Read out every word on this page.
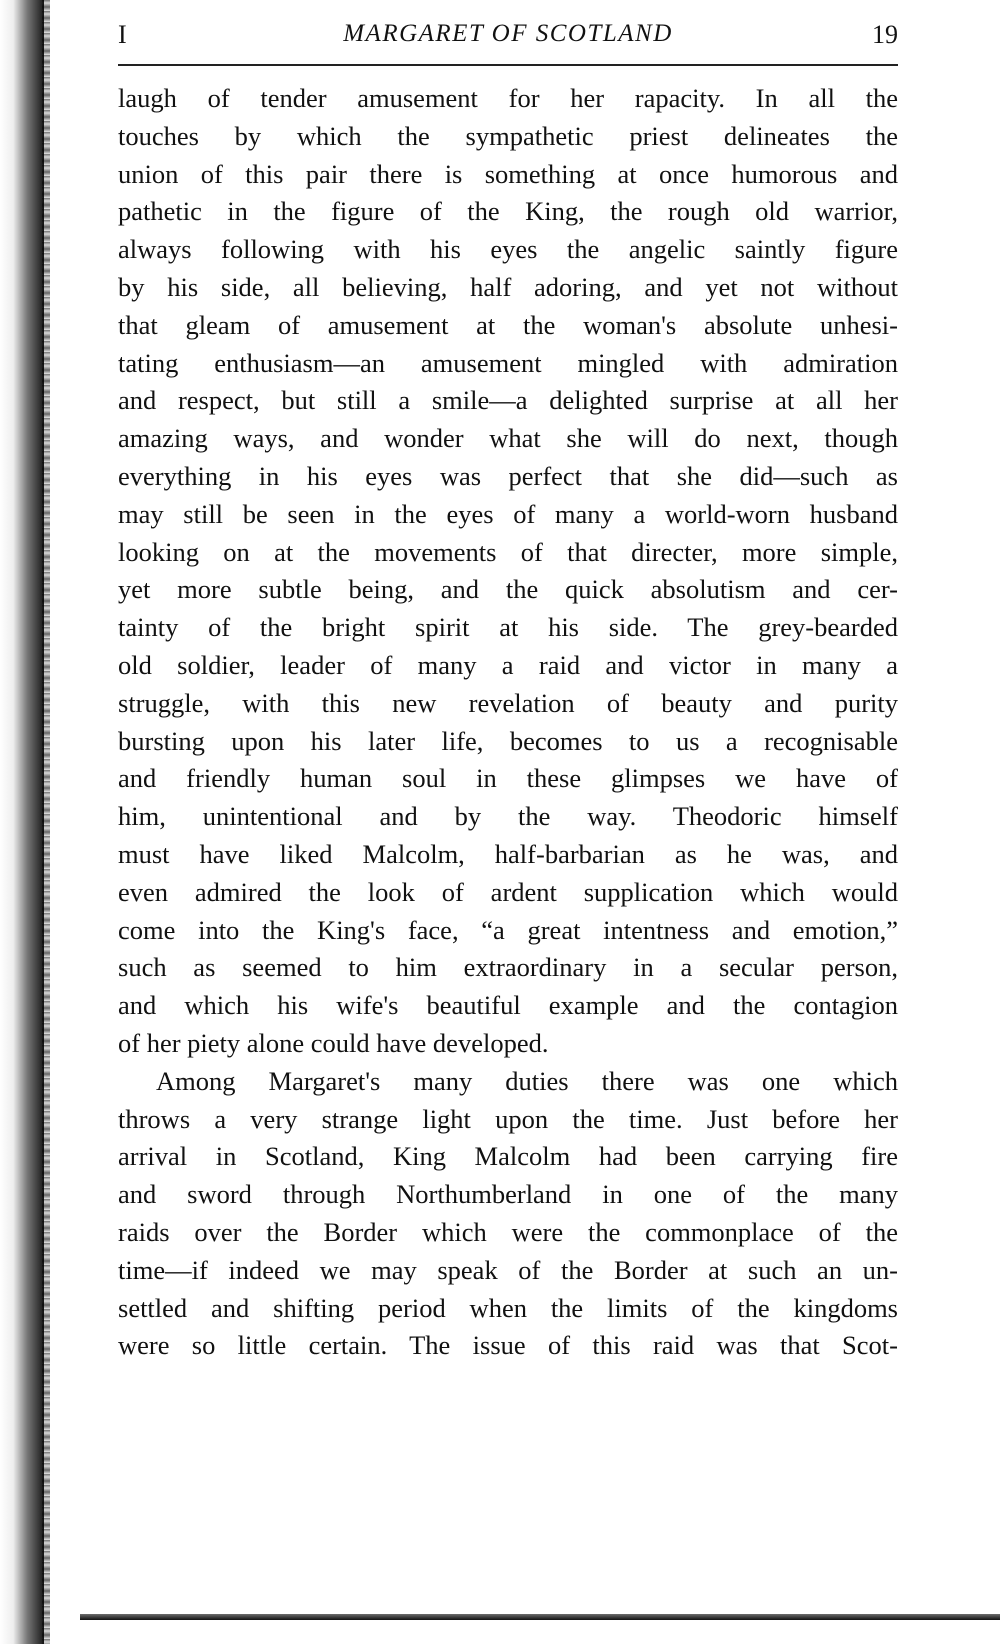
I	MARGARET OF SCOTLAND	19
laugh of tender amusement for her rapacity. In all the
touches by which the sympathetic priest delineates the
union of this pair there is something at once humorous and
pathetic in the figure of the King, the rough old warrior,
always following with his eyes the angelic saintly figure
by his side, all believing, half adoring, and yet not without
that gleam of amusement at the woman's absolute unhesi-
tating enthusiasm—an amusement mingled with admiration
and respect, but still a smile—a delighted surprise at all her
amazing ways, and wonder what she will do next, though
everything in his eyes was perfect that she did—such as
may still be seen in the eyes of many a world-worn husband
looking on at the movements of that directer, more simple,
yet more subtle being, and the quick absolutism and cer-
tainty of the bright spirit at his side. The grey-bearded
old soldier, leader of many a raid and victor in many a
struggle, with this new revelation of beauty and purity
bursting upon his later life, becomes to us a recognisable
and friendly human soul in these glimpses we have of
him, unintentional and by the way. Theodoric himself
must have liked Malcolm, half-barbarian as he was, and
even admired the look of ardent supplication which would
come into the King's face, “a great intentness and emotion,”
such as seemed to him extraordinary in a secular person,
and which his wife's beautiful example and the contagion
of her piety alone could have developed.
Among Margaret's many duties there was one which
throws a very strange light upon the time. Just before her
arrival in Scotland, King Malcolm had been carrying fire
and sword through Northumberland in one of the many
raids over the Border which were the commonplace of the
time—if indeed we may speak of the Border at such an un-
settled and shifting period when the limits of the kingdoms
were so little certain. The issue of this raid was that Scot-
